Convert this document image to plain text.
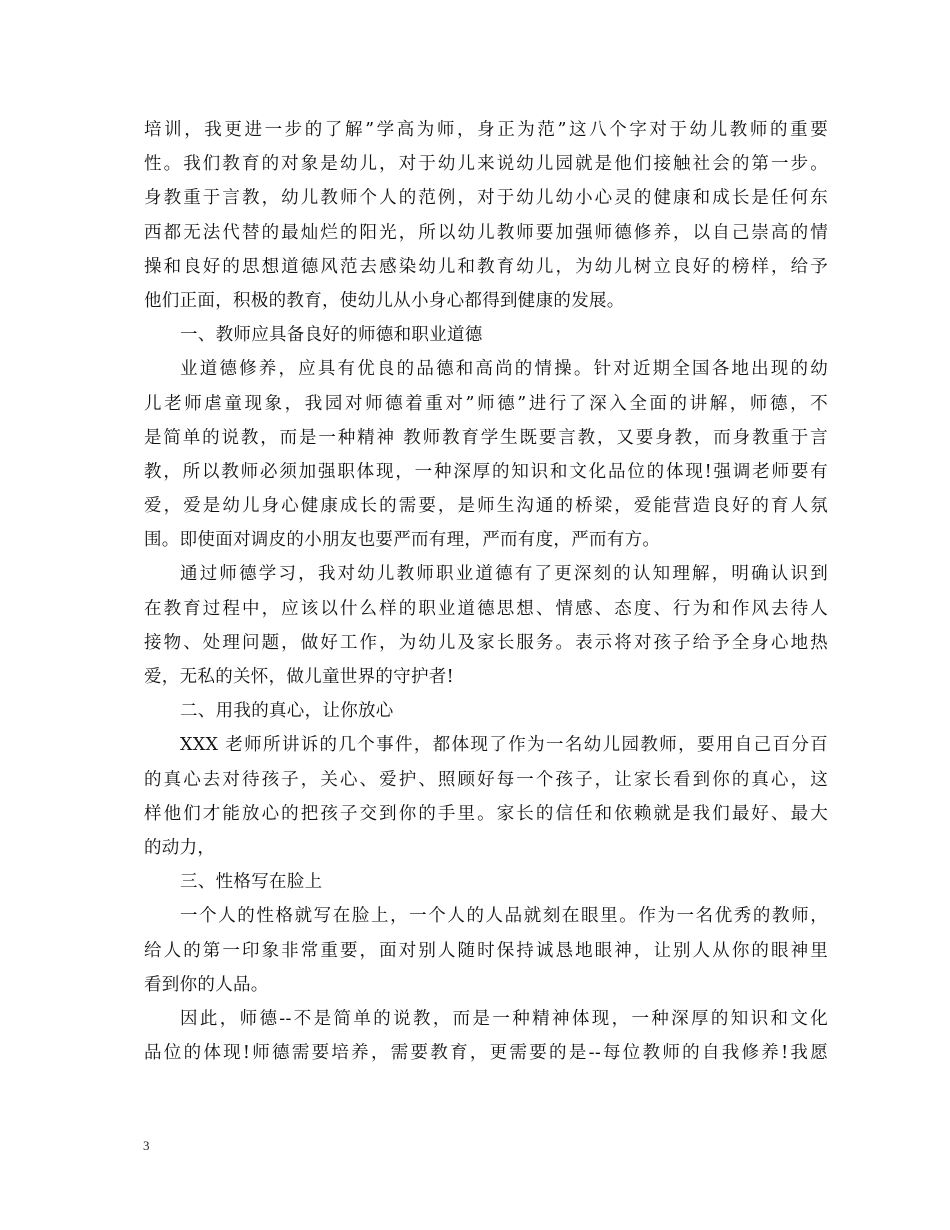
培训，我更进一步的了解”学高为师，身正为范”这八个字对于幼儿教师的重要
性。我们教育的对象是幼儿，对于幼儿来说幼儿园就是他们接触社会的第一步。
身教重于言教，幼儿教师个人的范例，对于幼儿幼小心灵的健康和成长是任何东
西都无法代替的最灿烂的阳光，所以幼儿教师要加强师德修养，以自己崇高的情
操和良好的思想道德风范去感染幼儿和教育幼儿，为幼儿树立良好的榜样，给予
他们正面，积极的教育，使幼儿从小身心都得到健康的发展。
一、教师应具备良好的师德和职业道德
业道德修养，应具有优良的品德和高尚的情操。针对近期全国各地出现的幼
儿老师虐童现象，我园对师德着重对”师德”进行了深入全面的讲解，师德，不
是简单的说教，而是一种精神 教师教育学生既要言教，又要身教，而身教重于言
教，所以教师必须加强职体现，一种深厚的知识和文化品位的体现!强调老师要有
爱，爱是幼儿身心健康成长的需要，是师生沟通的桥梁，爱能营造良好的育人氛
围。即使面对调皮的小朋友也要严而有理，严而有度，严而有方。
通过师德学习，我对幼儿教师职业道德有了更深刻的认知理解，明确认识到
在教育过程中，应该以什么样的职业道德思想、情感、态度、行为和作风去待人
接物、处理问题，做好工作，为幼儿及家长服务。表示将对孩子给予全身心地热
爱，无私的关怀，做儿童世界的守护者!
二、用我的真心，让你放心
XXX 老师所讲诉的几个事件，都体现了作为一名幼儿园教师，要用自己百分百
的真心去对待孩子，关心、爱护、照顾好每一个孩子，让家长看到你的真心，这
样他们才能放心的把孩子交到你的手里。家长的信任和依赖就是我们最好、最大
的动力，
三、性格写在脸上
一个人的性格就写在脸上，一个人的人品就刻在眼里。作为一名优秀的教师，
给人的第一印象非常重要，面对别人随时保持诚恳地眼神，让别人从你的眼神里
看到你的人品。
因此，师德--不是简单的说教，而是一种精神体现，一种深厚的知识和文化
品位的体现!师德需要培养，需要教育，更需要的是--每位教师的自我修养!我愿
3
